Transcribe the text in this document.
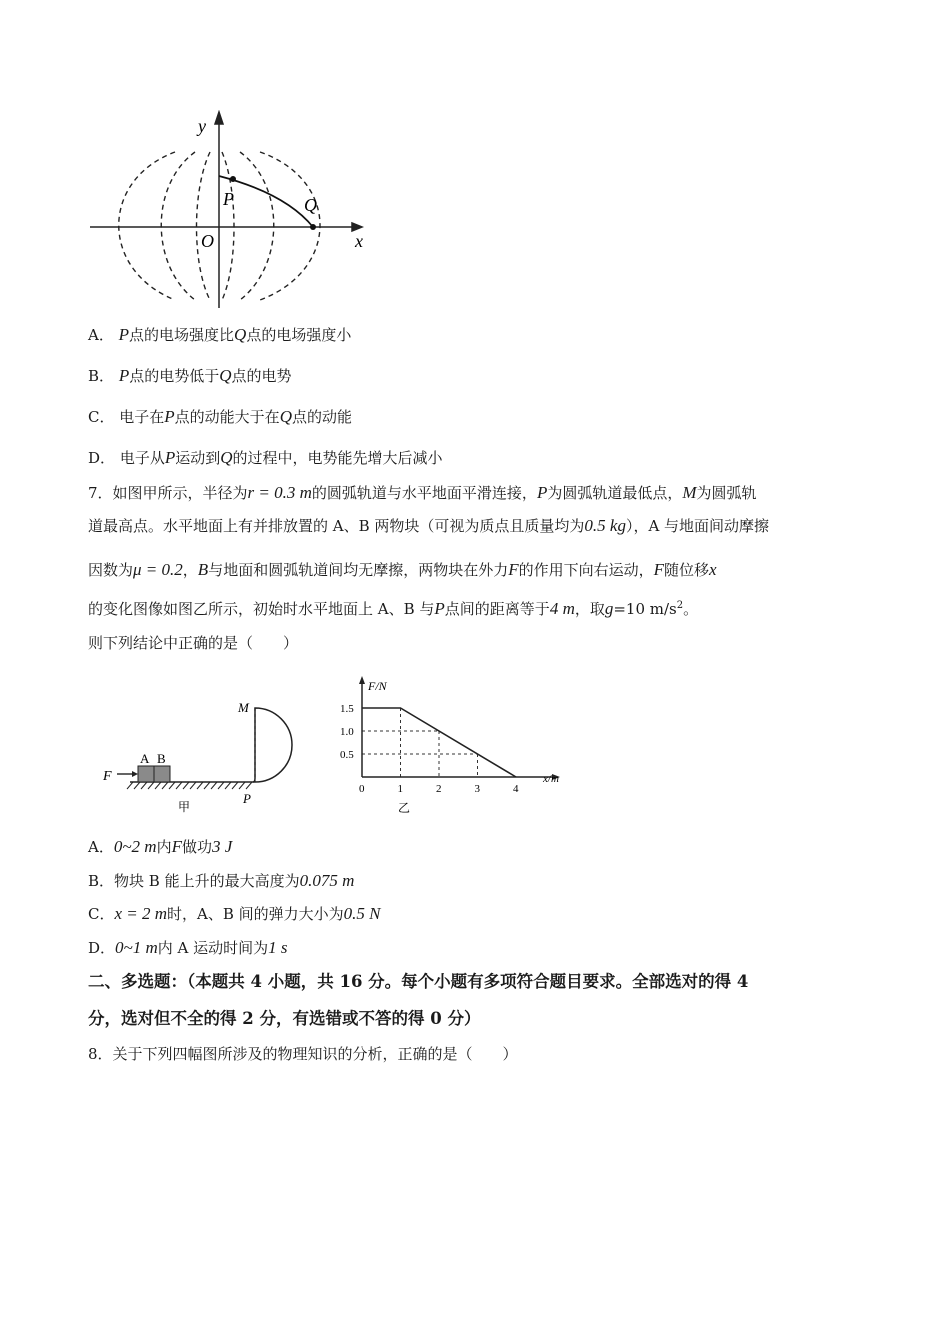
y
x
O
P	Q
A． P点的电场强度比Q点的电场强度小
B． P点的电势低于Q点的电势
C． 电子在P点的动能大于在Q点的动能
D． 电子从P运动到Q的过程中，电势能先增大后减小
7．如图甲所示，半径为r = 0.3 m的圆弧轨道与水平地面平滑连接，P为圆弧轨道最低点，M为圆弧轨
道最高点。水平地面上有并排放置的 A、B 两物块（可视为质点且质量均为0.5 kg），A 与地面间动摩擦
因数为μ = 0.2，B与地面和圆弧轨道间均无摩擦，两物块在外力F的作用下向右运动，F随位移x
的变化图像如图乙所示，初始时水平地面上 A、B 与P点间的距离等于4 m，取g=10 $m/s^2$。
则下列结论中正确的是（　　）
F
A B
M
P
甲
0	1	2	3	4
0.5
1.0
1.5
F/N
x/m
乙
A．0~2 m内F做功3 J
B．物块 B 能上升的最大高度为0.075 m
C．x = 2 m时，A、B 间的弹力大小为0.5 N
D．0~1 m内 A 运动时间为1 s
二、多选题：（本题共 4 小题，共 16 分。每个小题有多项符合题目要求。全部选对的得 4
分，选对但不全的得 2 分，有选错或不答的得 0 分）
8．关于下列四幅图所涉及的物理知识的分析，正确的是（　　）
